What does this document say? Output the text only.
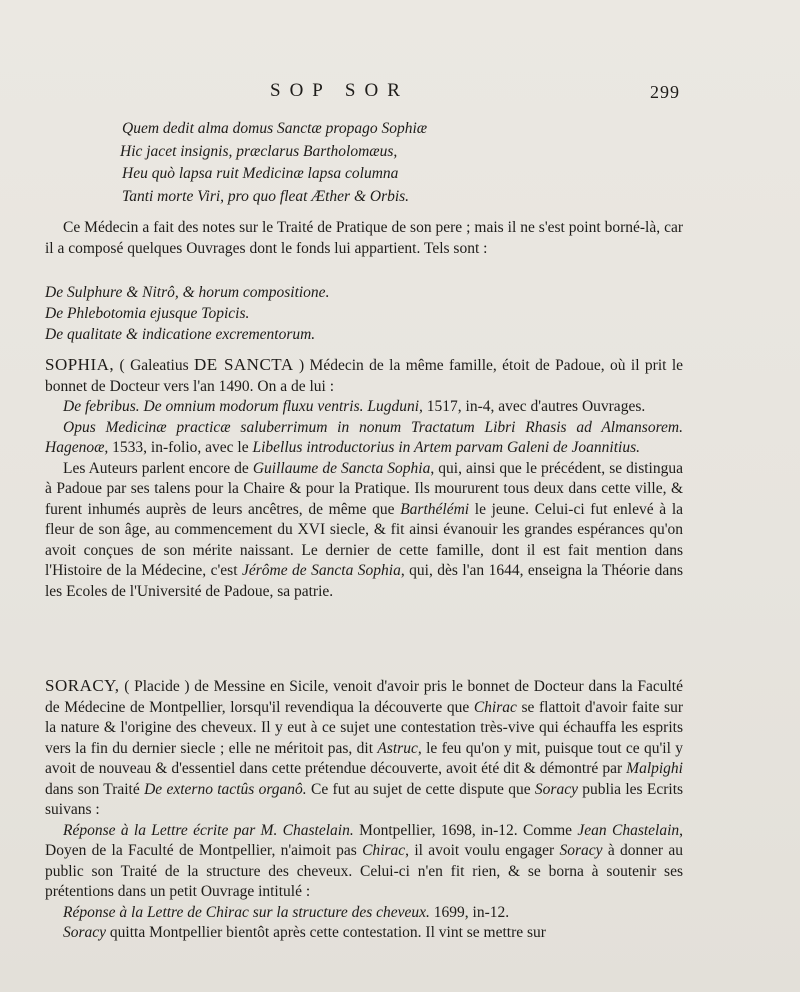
SOP SOR	299
Quem dedit alma domus Sanctæ propago Sophiæ
Hic jacet insignis, præclarus Bartholomæus,
Heu quò lapsa ruit Medicinæ lapsa columna
Tanti morte Viri, pro quo fleat Æther & Orbis.
Ce Médecin a fait des notes sur le Traité de Pratique de son pere ; mais il ne s'est point borné-là, car il a composé quelques Ouvrages dont le fonds lui appartient. Tels sont :
De Sulphure & Nitrô, & horum compositione.
De Phlebotomia ejusque Topicis.
De qualitate & indicatione excrementorum.
SOPHIA, ( Galeatius DE SANCTA ) Médecin de la même famille, étoit de Padoue, où il prit le bonnet de Docteur vers l'an 1490. On a de lui :
De febribus. De omnium modorum fluxu ventris. Lugduni, 1517, in-4, avec d'autres Ouvrages.
Opus Medicinæ practicæ saluberrimum in nonum Tractatum Libri Rhasis ad Almansorem. Hagenoæ, 1533, in-folio, avec le Libellus introductorius in Artem parvam Galeni de Joannitius.
Les Auteurs parlent encore de Guillaume de Sancta Sophia, qui, ainsi que le précédent, se distingua à Padoue par ses talens pour la Chaire & pour la Pratique. Ils moururent tous deux dans cette ville, & furent inhumés auprès de leurs ancêtres, de même que Barthélémi le jeune. Celui-ci fut enlevé à la fleur de son âge, au commencement du XVI siecle, & fit ainsi évanouir les grandes espérances qu'on avoit conçues de son mérite naissant. Le dernier de cette famille, dont il est fait mention dans l'Histoire de la Médecine, c'est Jérôme de Sancta Sophia, qui, dès l'an 1644, enseigna la Théorie dans les Ecoles de l'Université de Padoue, sa patrie.
SORACY, ( Placide ) de Messine en Sicile, venoit d'avoir pris le bonnet de Docteur dans la Faculté de Médecine de Montpellier, lorsqu'il revendiqua la découverte que Chirac se flattoit d'avoir faite sur la nature & l'origine des cheveux. Il y eut à ce sujet une contestation très-vive qui échauffa les esprits vers la fin du dernier siecle ; elle ne méritoit pas, dit Astruc, le feu qu'on y mit, puisque tout ce qu'il y avoit de nouveau & d'essentiel dans cette prétendue découverte, avoit été dit & démontré par Malpighi dans son Traité De externo tactûs organô. Ce fut au sujet de cette dispute que Soracy publia les Ecrits suivans :
Réponse à la Lettre écrite par M. Chastelain. Montpellier, 1698, in-12. Comme Jean Chastelain, Doyen de la Faculté de Montpellier, n'aimoit pas Chirac, il avoit voulu engager Soracy à donner au public son Traité de la structure des cheveux. Celui-ci n'en fit rien, & se borna à soutenir ses prétentions dans un petit Ouvrage intitulé :
Réponse à la Lettre de Chirac sur la structure des cheveux. 1699, in-12.
Soracy quitta Montpellier bientôt après cette contestation. Il vint se mettre sur
